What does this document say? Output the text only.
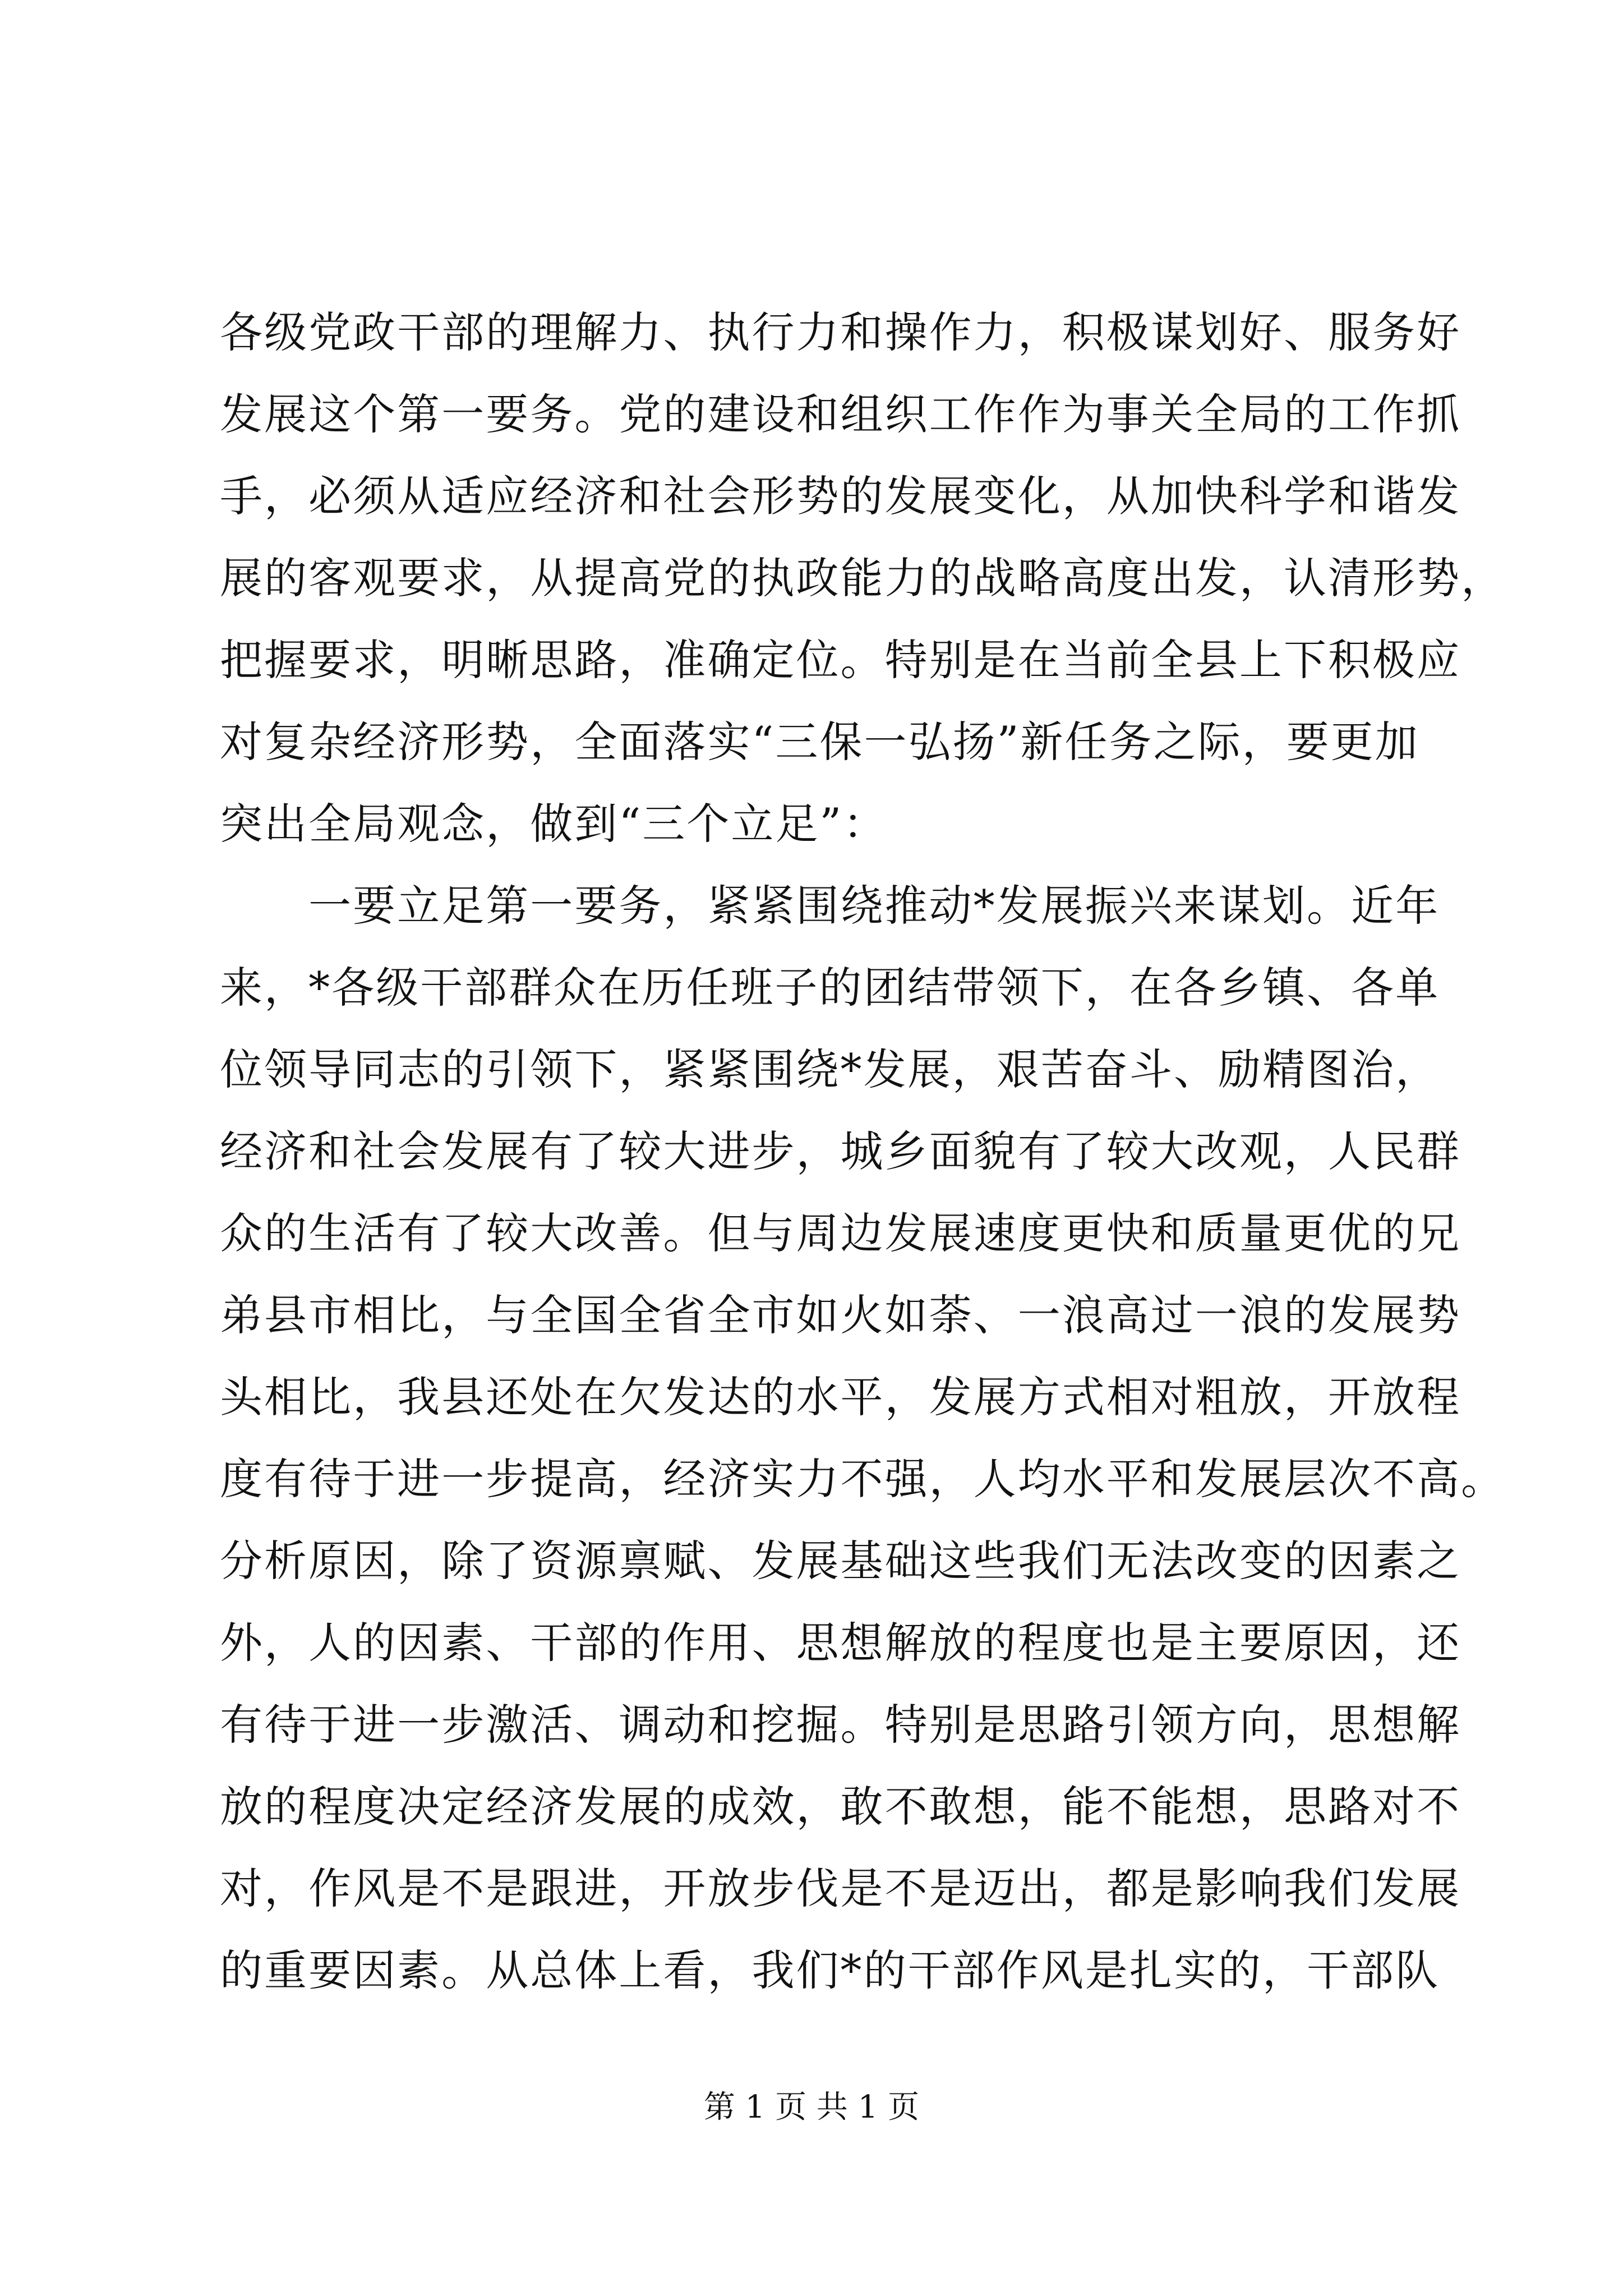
各级党政干部的理解力、执行力和操作力，积极谋划好、服务好
发展这个第一要务。党的建设和组织工作作为事关全局的工作抓
手，必须从适应经济和社会形势的发展变化，从加快科学和谐发
展的客观要求，从提高党的执政能力的战略高度出发，认清形势，
把握要求，明晰思路，准确定位。特别是在当前全县上下积极应
对复杂经济形势，全面落实“三保一弘扬”新任务之际，要更加
突出全局观念，做到“三个立足”：
　　一要立足第一要务，紧紧围绕推动*发展振兴来谋划。近年
来，*各级干部群众在历任班子的团结带领下，在各乡镇、各单
位领导同志的引领下，紧紧围绕*发展，艰苦奋斗、励精图治，
经济和社会发展有了较大进步，城乡面貌有了较大改观，人民群
众的生活有了较大改善。但与周边发展速度更快和质量更优的兄
弟县市相比，与全国全省全市如火如荼、一浪高过一浪的发展势
头相比，我县还处在欠发达的水平，发展方式相对粗放，开放程
度有待于进一步提高，经济实力不强，人均水平和发展层次不高。
分析原因，除了资源禀赋、发展基础这些我们无法改变的因素之
外，人的因素、干部的作用、思想解放的程度也是主要原因，还
有待于进一步激活、调动和挖掘。特别是思路引领方向，思想解
放的程度决定经济发展的成效，敢不敢想，能不能想，思路对不
对，作风是不是跟进，开放步伐是不是迈出，都是影响我们发展
的重要因素。从总体上看，我们*的干部作风是扎实的，干部队
第 1 页 共 1 页
